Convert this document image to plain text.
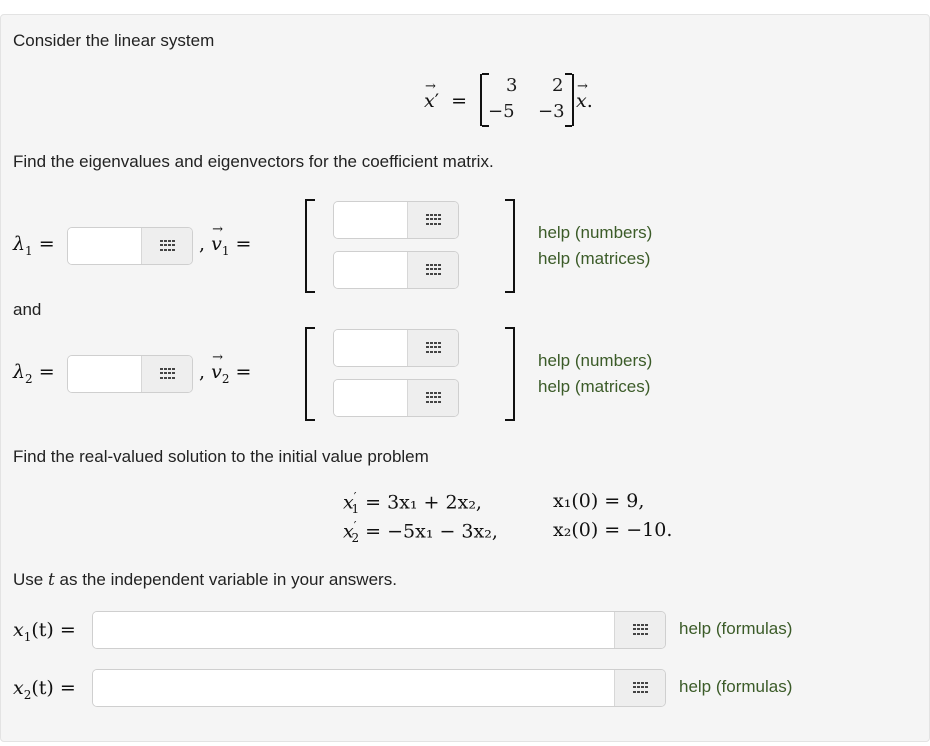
Consider the linear system
→
x′ =
3 2
−5 −3
→
x.
Find the eigenvalues and eigenvectors for the coefficient matrix.
$\lambda_1$ =	,
→
$v_1$ =
help (numbers)
help (matrices)
and
$\lambda_2$ =	,
→
$v_2$ =
help (numbers)
help (matrices)
Find the real-valued solution to the initial value problem
$x'_1 = 3x_1 + 2x_2$,	x₁(0) = 9,
$x'_2 = -5x_1 - 3x_2$,	x₂(0) = −10.
Use t as the independent variable in your answers.
$x_1(t)$ =	help (formulas)
$x_2(t)$ =	help (formulas)
